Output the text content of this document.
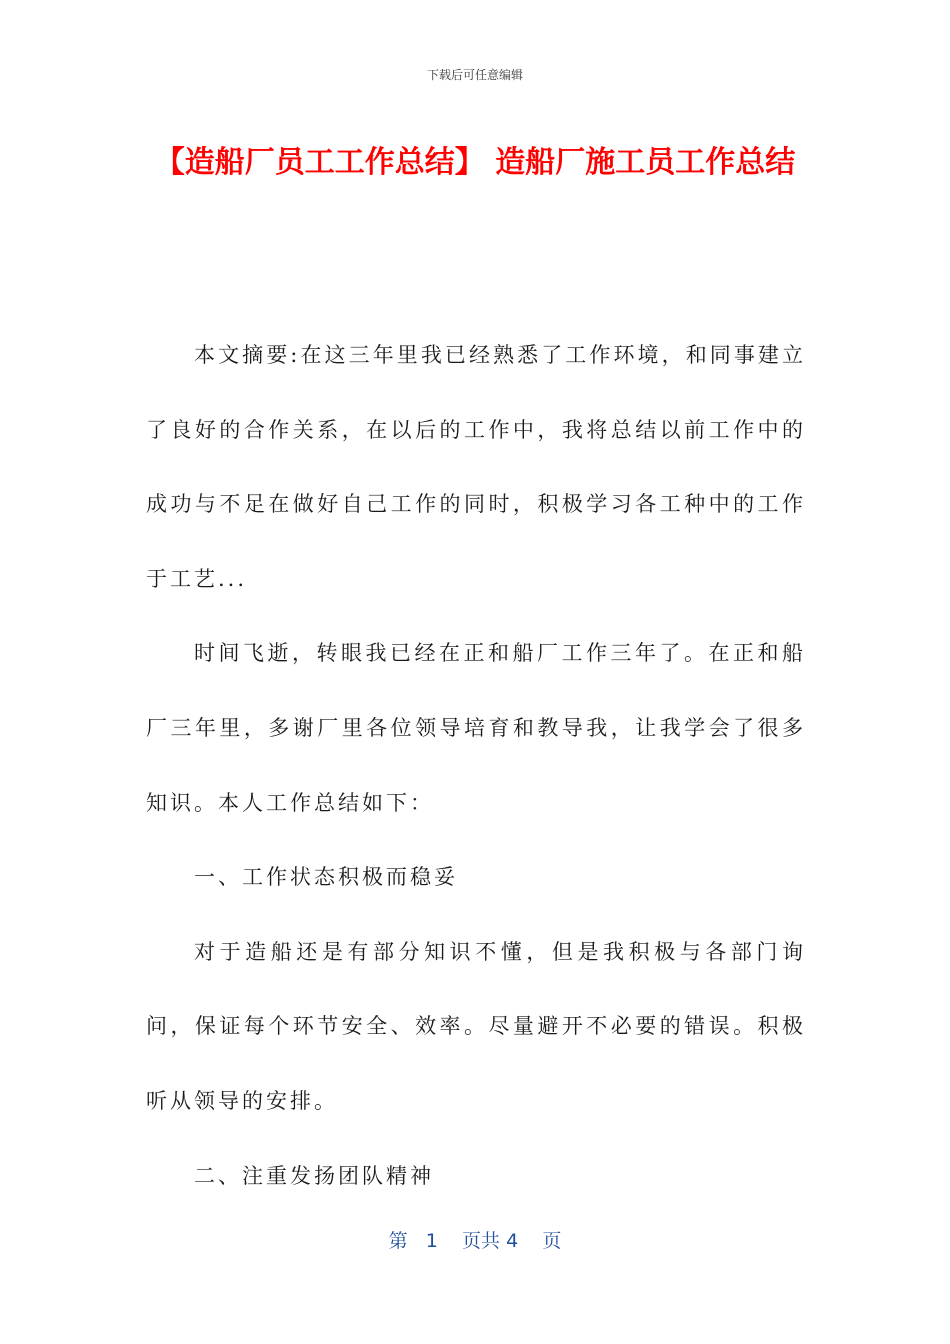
下载后可任意编辑
【造船厂员工工作总结】 造船厂施工员工作总结

本文摘要:在这三年里我已经熟悉了工作环境，和同事建立了良好的合作关系，在以后的工作中，我将总结以前工作中的成功与不足在做好自己工作的同时，积极学习各工种中的工作于工艺...

时间飞逝，转眼我已经在正和船厂工作三年了。在正和船厂三年里，多谢厂里各位领导培育和教导我，让我学会了很多知识。本人工作总结如下：

一、工作状态积极而稳妥

对于造船还是有部分知识不懂，但是我积极与各部门询问，保证每个环节安全、效率。尽量避开不必要的错误。积极听从领导的安排。

二、注重发扬团队精神

第 1 页共 4 页
